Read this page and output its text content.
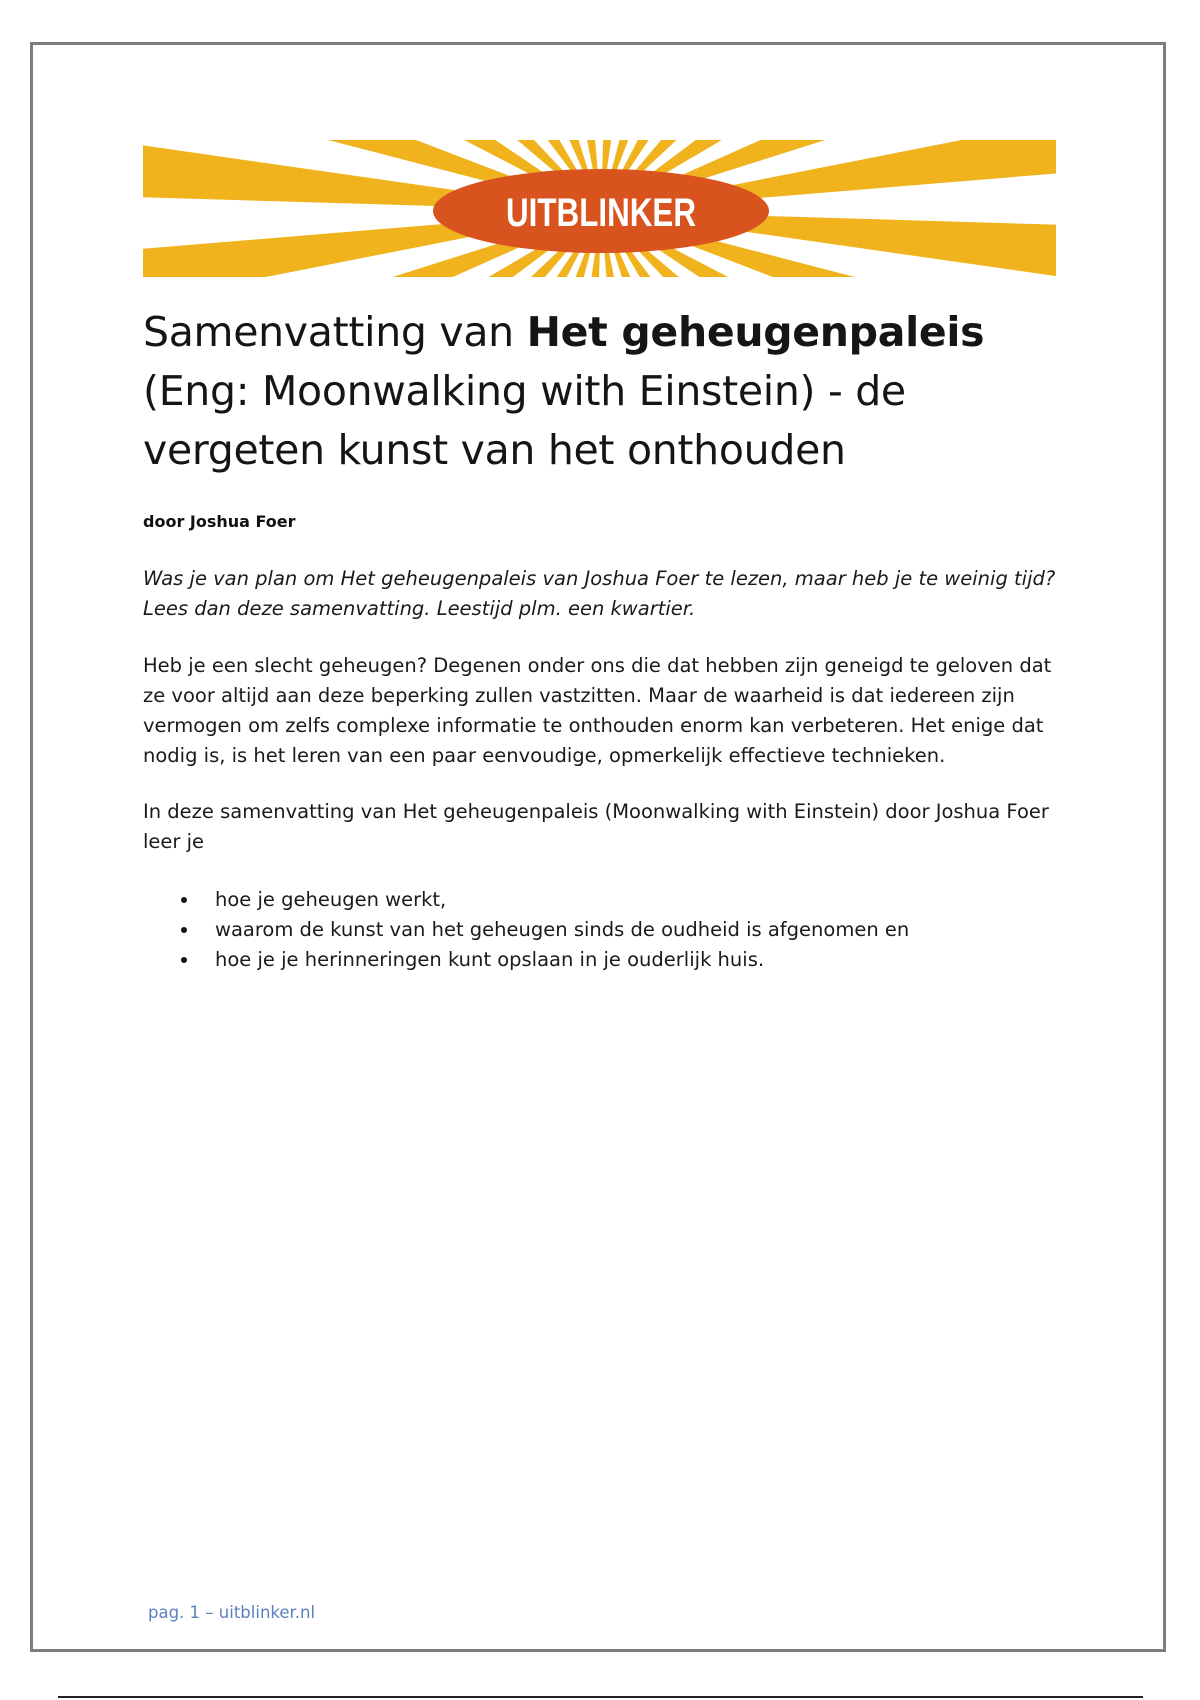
UITBLINKER
Samenvatting van Het geheugenpaleis (Eng: Moonwalking with Einstein) - de vergeten kunst van het onthouden

door Joshua Foer

Was je van plan om Het geheugenpaleis van Joshua Foer te lezen, maar heb je te weinig tijd? Lees dan deze samenvatting. Leestijd plm. een kwartier.

Heb je een slecht geheugen? Degenen onder ons die dat hebben zijn geneigd te geloven dat ze voor altijd aan deze beperking zullen vastzitten. Maar de waarheid is dat iedereen zijn vermogen om zelfs complexe informatie te onthouden enorm kan verbeteren. Het enige dat nodig is, is het leren van een paar eenvoudige, opmerkelijk effectieve technieken.

In deze samenvatting van Het geheugenpaleis (Moonwalking with Einstein) door Joshua Foer leer je

hoe je geheugen werkt,
waarom de kunst van het geheugen sinds de oudheid is afgenomen en
hoe je je herinneringen kunt opslaan in je ouderlijk huis.

pag. 1 – uitblinker.nl
